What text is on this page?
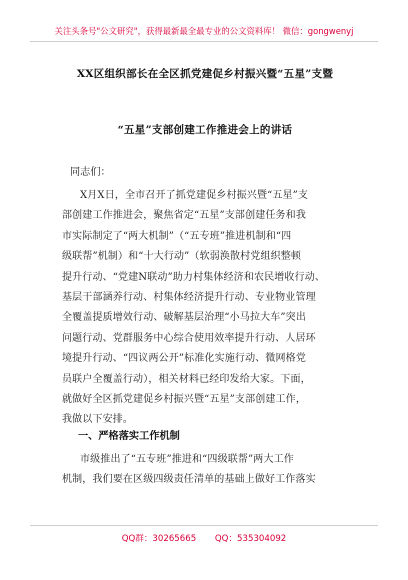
关注头条号"公文研究"，获得最新最全最专业的公文资料库！ 微信：gongwenyj
XX区组织部长在全区抓党建促乡村振兴暨“五星”支暨
“五星”支部创建工作推进会上的讲话
同志们：
X月X日，全市召开了抓党建促乡村振兴暨“五星”支
部创建工作推进会，聚焦省定“五星”支部创建任务和我
市实际制定了“两大机制”（“五专班”推进机制和“四
级联帮”机制）和“十大行动”（软弱涣散村党组织整顿
提升行动、“党建N联动”助力村集体经济和农民增收行动、
基层干部涵养行动、村集体经济提升行动、专业物业管理
全覆盖提质增效行动、破解基层治理“小马拉大车”突出
问题行动、党群服务中心综合使用效率提升行动、人居环
境提升行动、“四议两公开”标准化实施行动、微网格党
员联户全覆盖行动），相关材料已经印发给大家。下面，
就做好全区抓党建促乡村振兴暨“五星”支部创建工作，
我做以下安排。
一、严格落实工作机制
市级推出了“五专班”推进和“四级联帮”两大工作
机制，我们要在区级四级责任清单的基础上做好工作落实
QQ群：30265665 QQ：535304092
